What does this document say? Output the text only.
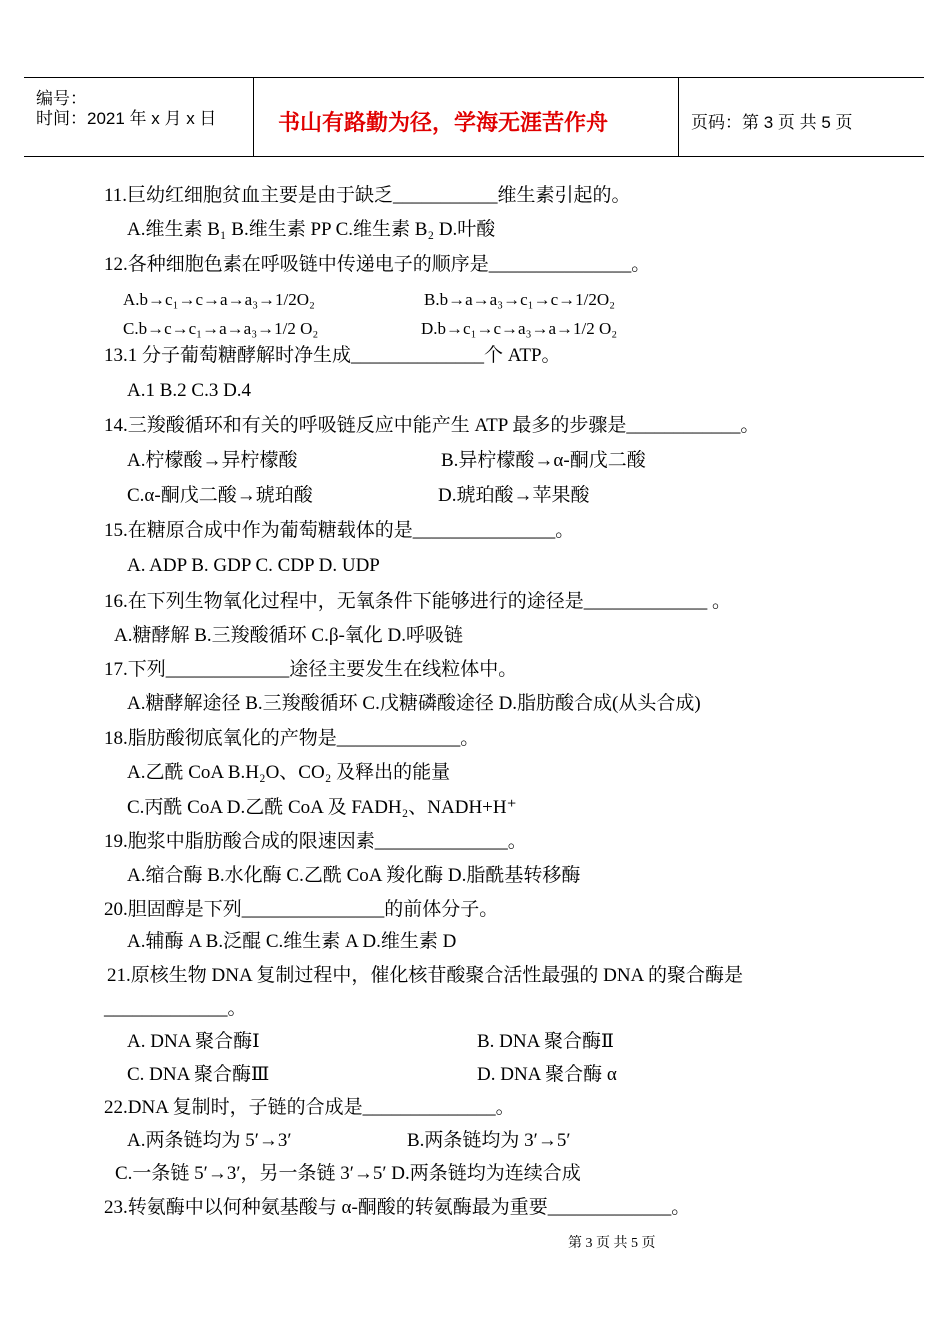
编号：
时间：2021 年 x 月 x 日	书山有路勤为径，学海无涯苦作舟	页码：第 3 页 共 5 页
11.巨幼红细胞贫血主要是由于缺乏___________维生素引起的。
A.维生素 B₁ B.维生素 PP C.维生素 B₂ D.叶酸
12.各种细胞色素在呼吸链中传递电子的顺序是_______________。
A.b→c₁→c→a→a₃→1/2O₂	B.b→a→a₃→c₁→c→1/2O₂
C.b→c→c₁→a→a₃→1/2 O₂	D.b→c₁→c→a₃→a→1/2 O₂
13.1 分子葡萄糖酵解时净生成______________个 ATP。
A.1 B.2 C.3 D.4
14.三羧酸循环和有关的呼吸链反应中能产生 ATP 最多的步骤是____________。
A.柠檬酸→异柠檬酸	B.异柠檬酸→α-酮戊二酸
C.α-酮戊二酸→琥珀酸	D.琥珀酸→苹果酸
15.在糖原合成中作为葡萄糖载体的是_______________。
A. ADP B. GDP C. CDP D. UDP
16.在下列生物氧化过程中，无氧条件下能够进行的途径是_____________ 。
A.糖酵解 B.三羧酸循环 C.β-氧化 D.呼吸链
17.下列_____________途径主要发生在线粒体中。
A.糖酵解途径 B.三羧酸循环 C.戊糖磷酸途径 D.脂肪酸合成(从头合成)
18.脂肪酸彻底氧化的产物是_____________。
A.乙酰 CoA B.H₂O、CO₂ 及释出的能量
C.丙酰 CoA D.乙酰 CoA 及 FADH₂、NADH+H⁺
19.胞浆中脂肪酸合成的限速因素______________。
A.缩合酶 B.水化酶 C.乙酰 CoA 羧化酶 D.脂酰基转移酶
20.胆固醇是下列_______________的前体分子。
A.辅酶 A B.泛醌 C.维生素 A D.维生素 D
21.原核生物 DNA 复制过程中，催化核苷酸聚合活性最强的 DNA 的聚合酶是
_____________。
A. DNA 聚合酶Ⅰ	B. DNA 聚合酶Ⅱ
C. DNA 聚合酶Ⅲ	D. DNA 聚合酶 α
22.DNA 复制时，子链的合成是______________。
A.两条链均为 5′→3′	B.两条链均为 3′→5′
C.一条链 5′→3′，另一条链 3′→5′ D.两条链均为连续合成
23.转氨酶中以何种氨基酸与 α-酮酸的转氨酶最为重要_____________。
第 3 页 共 5 页
